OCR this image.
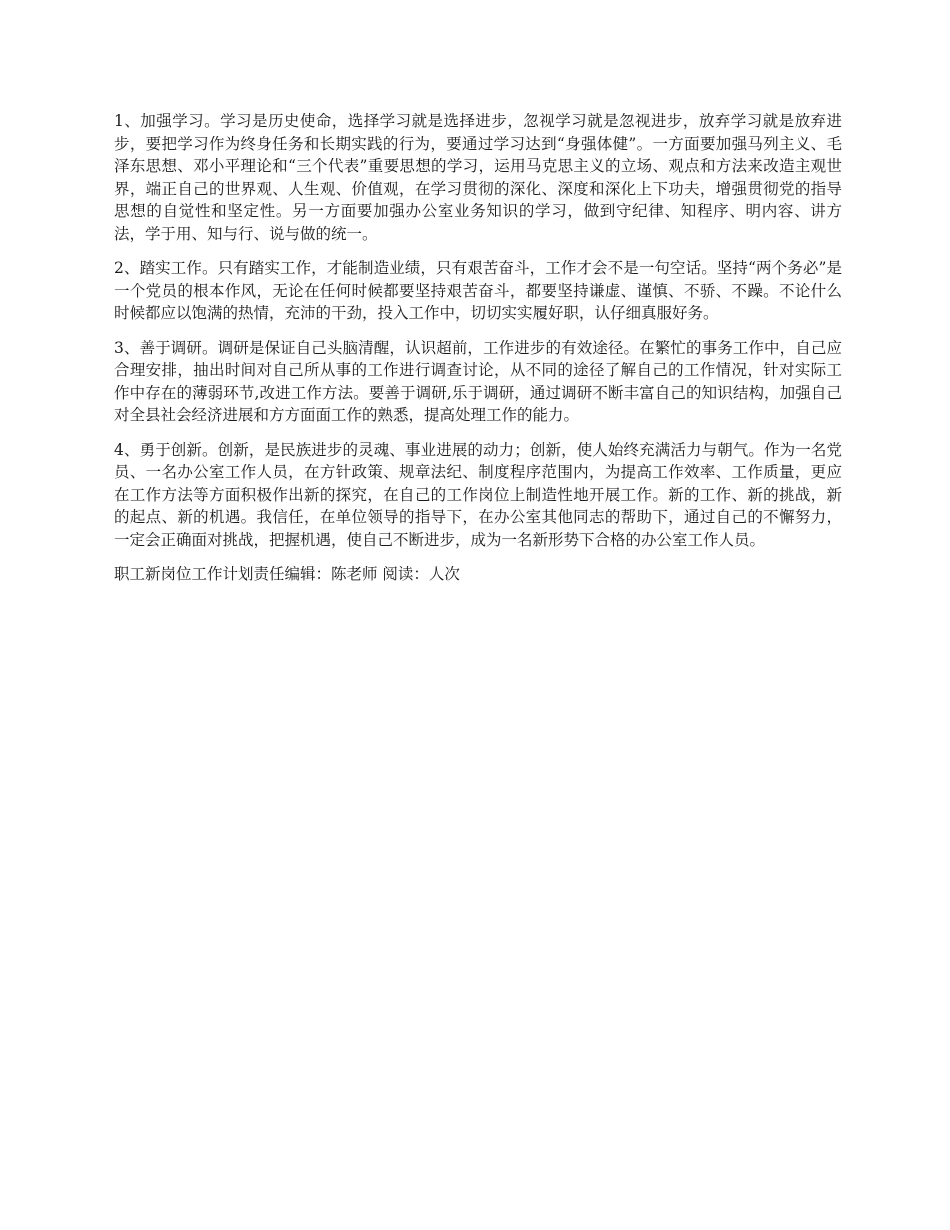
1、加强学习。学习是历史使命，选择学习就是选择进步，忽视学习就是忽视进步，放弃学习就是放弃进步，要把学习作为终身任务和长期实践的行为，要通过学习达到“身强体健”。一方面要加强马列主义、毛泽东思想、邓小平理论和“三个代表”重要思想的学习，运用马克思主义的立场、观点和方法来改造主观世界，端正自己的世界观、人生观、价值观，在学习贯彻的深化、深度和深化上下功夫，增强贯彻党的指导思想的自觉性和坚定性。另一方面要加强办公室业务知识的学习，做到守纪律、知程序、明内容、讲方法，学于用、知与行、说与做的统一。

2、踏实工作。只有踏实工作，才能制造业绩，只有艰苦奋斗，工作才会不是一句空话。坚持“两个务必”是一个党员的根本作风，无论在任何时候都要坚持艰苦奋斗，都要坚持谦虚、谨慎、不骄、不躁。不论什么时候都应以饱满的热情，充沛的干劲，投入工作中，切切实实履好职，认仔细真服好务。

3、善于调研。调研是保证自己头脑清醒，认识超前，工作进步的有效途径。在繁忙的事务工作中，自己应合理安排，抽出时间对自己所从事的工作进行调查讨论，从不同的途径了解自己的工作情况，针对实际工作中存在的薄弱环节,改进工作方法。要善于调研,乐于调研，通过调研不断丰富自己的知识结构，加强自己对全县社会经济进展和方方面面工作的熟悉，提高处理工作的能力。

4、勇于创新。创新，是民族进步的灵魂、事业进展的动力；创新，使人始终充满活力与朝气。作为一名党员、一名办公室工作人员，在方针政策、规章法纪、制度程序范围内，为提高工作效率、工作质量，更应在工作方法等方面积极作出新的探究，在自己的工作岗位上制造性地开展工作。新的工作、新的挑战，新的起点、新的机遇。我信任，在单位领导的指导下，在办公室其他同志的帮助下，通过自己的不懈努力，一定会正确面对挑战，把握机遇，使自己不断进步，成为一名新形势下合格的办公室工作人员。

职工新岗位工作计划责任编辑：陈老师 阅读：人次
